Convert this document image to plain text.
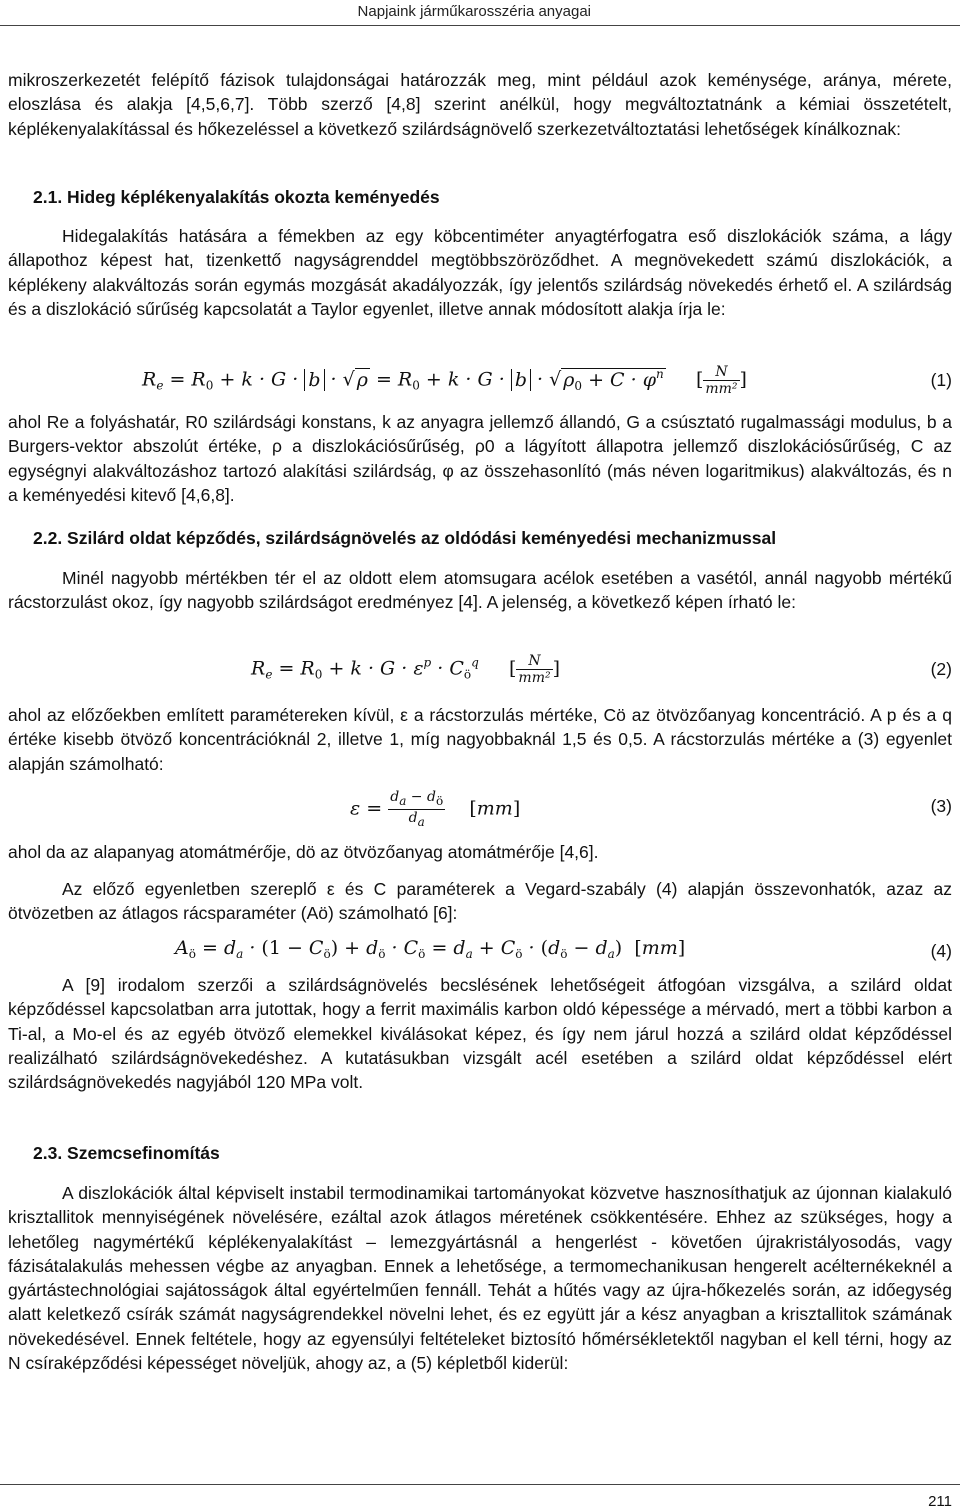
Napjaink járműkarosszéria anyagai

mikroszerkezetét felépítő fázisok tulajdonságai határozzák meg, mint például azok keménysége, aránya, mérete, eloszlása és alakja [4,5,6,7]. Több szerző [4,8] szerint anélkül, hogy megváltoztatnánk a kémiai összetételt, képlékenyalakítással és hőkezeléssel a következő szilárdságnövelő szerkezetváltoztatási lehetőségek kínálkoznak:

2.1. Hideg képlékenyalakítás okozta keményedés

Hidegalakítás hatására a fémekben az egy köbcentiméter anyagtérfogatra eső diszlokációk száma, a lágy állapothoz képest hat, tizenkettő nagyságrenddel megtöbbszöröződhet. A megnövekedett számú diszlokációk, a képlékeny alakváltozás során egymás mozgását akadályozzák, így jelentős szilárdság növekedés érhető el. A szilárdság és a diszlokáció sűrűség kapcsolatát a Taylor egyenlet, illetve annak módosított alakja írja le:

$R_e = R_0 + k \cdot G \cdot b$ · √ $\rho = R_0 + k \cdot G \cdot b$ · √ $\rho_0 + C \cdot \varphi^n$ [ $\frac{N}{\text{mm²}}$ ]	(1)

ahol Re a folyáshatár, R0 szilárdsági konstans, k az anyagra jellemző állandó, G a csúsztató rugalmassági modulus, b a Burgers-vektor abszolút értéke, ρ a diszlokációsűrűség, ρ0 a lágyított állapotra jellemző diszlokációsűrűség, C az egységnyi alakváltozáshoz tartozó alakítási szilárdság, φ az összehasonlító (más néven logaritmikus) alakváltozás, és n a keményedési kitevő [4,6,8].

2.2. Szilárd oldat képződés, szilárdságnövelés az oldódási keményedési mechanizmussal

Minél nagyobb mértékben tér el az oldott elem atomsugara acélok esetében a vasétól, annál nagyobb mértékű rácstorzulást okoz, így nagyobb szilárdságot eredményez [4]. A jelenség, a következő képen írható le:

$R_e = R_0 + k \cdot G \cdot \varepsilon^p \cdot C_ö^q$ [ $\frac{N}{\text{mm²}}$ ]	(2)

ahol az előzőekben említett paramétereken kívül, ε a rácstorzulás mértéke, Cö az ötvözőanyag koncentráció. A p és a q értéke kisebb ötvöző koncentrációknál 2, illetve 1, míg nagyobbaknál 1,5 és 0,5. A rácstorzulás mértéke a (3) egyenlet alapján számolható:

$\varepsilon = \frac{d_a - d_ö}{d_a} [mm]$	(3)

ahol da az alapanyag atomátmérője, dö az ötvözőanyag atomátmérője [4,6].

Az előző egyenletben szereplő ε és C paraméterek a Vegard-szabály (4) alapján összevonhatók, azaz az ötvözetben az átlagos rácsparaméter (Aö) számolható [6]:

$A_ö = d_a \cdot (1 - C_ö) + d_ö \cdot C_ö = d_a + C_ö \cdot (d_ö - d_a)$ [mm]	(4)

A [9] irodalom szerzői a szilárdságnövelés becslésének lehetőségeit átfogóan vizsgálva, a szilárd oldat képződéssel kapcsolatban arra jutottak, hogy a ferrit maximális karbon oldó képessége a mérvadó, mert a többi karbon a Ti-al, a Mo-el és az egyéb ötvöző elemekkel kiválásokat képez, és így nem járul hozzá a szilárd oldat képződéssel realizálható szilárdságnövekedéshez. A kutatásukban vizsgált acél esetében a szilárd oldat képződéssel elért szilárdságnövekedés nagyjából 120 MPa volt.

2.3. Szemcsefinomítás

A diszlokációk által képviselt instabil termodinamikai tartományokat közvetve hasznosíthatjuk az újonnan kialakuló krisztallitok mennyiségének növelésére, ezáltal azok átlagos méretének csökkentésére. Ehhez az szükséges, hogy a lehetőleg nagymértékű képlékenyalakítást – lemezgyártásnál a hengerlést - követően újrakristályosodás, vagy fázisátalakulás mehessen végbe az anyagban. Ennek a lehetősége, a termomechanikusan hengerelt acélternékeknél a gyártástechnológiai sajátosságok által egyértelműen fennáll. Tehát a hűtés vagy az újra-hőkezelés során, az időegység alatt keletkező csírák számát nagyságrendekkel növelni lehet, és ez együtt jár a kész anyagban a krisztallitok számának növekedésével. Ennek feltétele, hogy az egyensúlyi feltételeket biztosító hőmérsékletektől nagyban el kell térni, hogy az N csíraképződési képességet növeljük, ahogy az, a (5) képletből kiderül:

211
